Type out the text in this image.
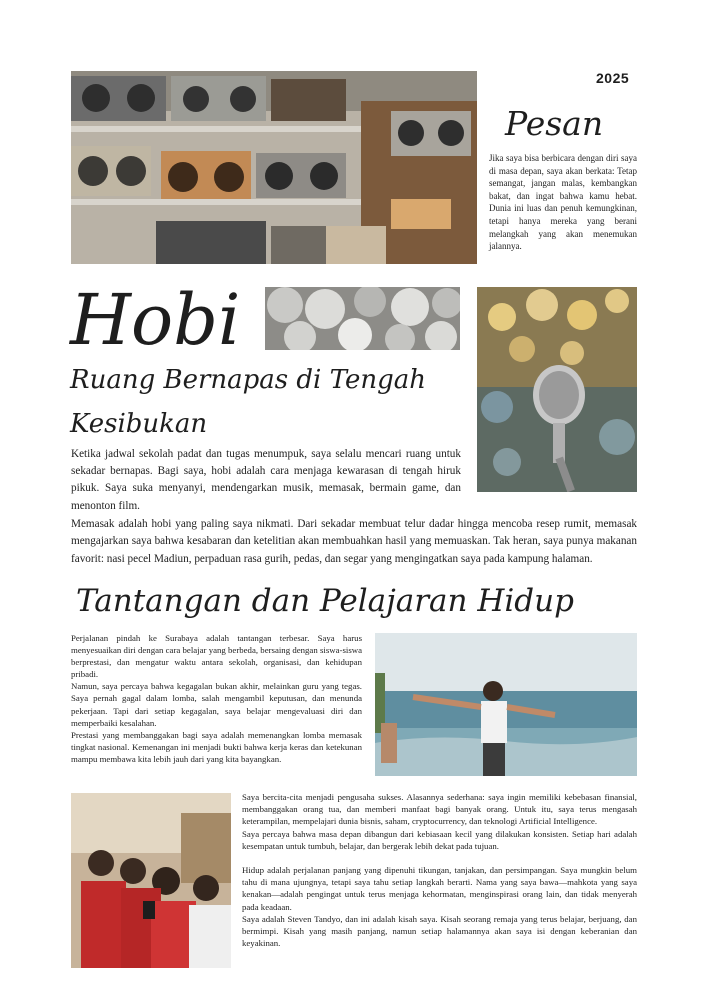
2025
Pesan
Jika saya bisa berbicara dengan diri saya di masa depan, saya akan berkata: Tetap semangat, jangan malas, kembangkan bakat, dan ingat bahwa kamu hebat. Dunia ini luas dan penuh kemungkinan, tetapi hanya mereka yang berani melangkah yang akan menemukan jalannya.
Hobi
Ruang Bernapas di Tengah Kesibukan
Ketika jadwal sekolah padat dan tugas menumpuk, saya selalu mencari ruang untuk sekadar bernapas. Bagi saya, hobi adalah cara menjaga kewarasan di tengah hiruk pikuk. Saya suka menyanyi, mendengarkan musik, memasak, bermain game, dan menonton film.
Memasak adalah hobi yang paling saya nikmati. Dari sekadar membuat telur dadar hingga mencoba resep rumit, memasak mengajarkan saya bahwa kesabaran dan ketelitian akan membuahkan hasil yang memuaskan. Tak heran, saya punya makanan favorit: nasi pecel Madiun, perpaduan rasa gurih, pedas, dan segar yang mengingatkan saya pada kampung halaman.
Tantangan dan Pelajaran Hidup

Perjalanan pindah ke Surabaya adalah tantangan terbesar. Saya harus menyesuaikan diri dengan cara belajar yang berbeda, bersaing dengan siswa-siswa berprestasi, dan mengatur waktu antara sekolah, organisasi, dan kehidupan pribadi.

Namun, saya percaya bahwa kegagalan bukan akhir, melainkan guru yang tegas. Saya pernah gagal dalam lomba, salah mengambil keputusan, dan menunda pekerjaan. Tapi dari setiap kegagalan, saya belajar mengevaluasi diri dan memperbaiki kesalahan.

Prestasi yang membanggakan bagi saya adalah memenangkan lomba memasak tingkat nasional. Kemenangan ini menjadi bukti bahwa kerja keras dan ketekunan mampu membawa kita lebih jauh dari yang kita bayangkan.

Saya bercita-cita menjadi pengusaha sukses. Alasannya sederhana: saya ingin memiliki kebebasan finansial, membanggakan orang tua, dan memberi manfaat bagi banyak orang. Untuk itu, saya terus mengasah keterampilan, mempelajari dunia bisnis, saham, cryptocurrency, dan teknologi Artificial Intelligence.

Saya percaya bahwa masa depan dibangun dari kebiasaan kecil yang dilakukan konsisten. Setiap hari adalah kesempatan untuk tumbuh, belajar, dan bergerak lebih dekat pada tujuan.

Hidup adalah perjalanan panjang yang dipenuhi tikungan, tanjakan, dan persimpangan. Saya mungkin belum tahu di mana ujungnya, tetapi saya tahu setiap langkah berarti. Nama yang saya bawa—mahkota yang saya kenakan—adalah pengingat untuk terus menjaga kehormatan, menginspirasi orang lain, dan tidak menyerah pada keadaan.

Saya adalah Steven Tandyo, dan ini adalah kisah saya. Kisah seorang remaja yang terus belajar, berjuang, dan bermimpi. Kisah yang masih panjang, namun setiap halamannya akan saya isi dengan keberanian dan keyakinan.
